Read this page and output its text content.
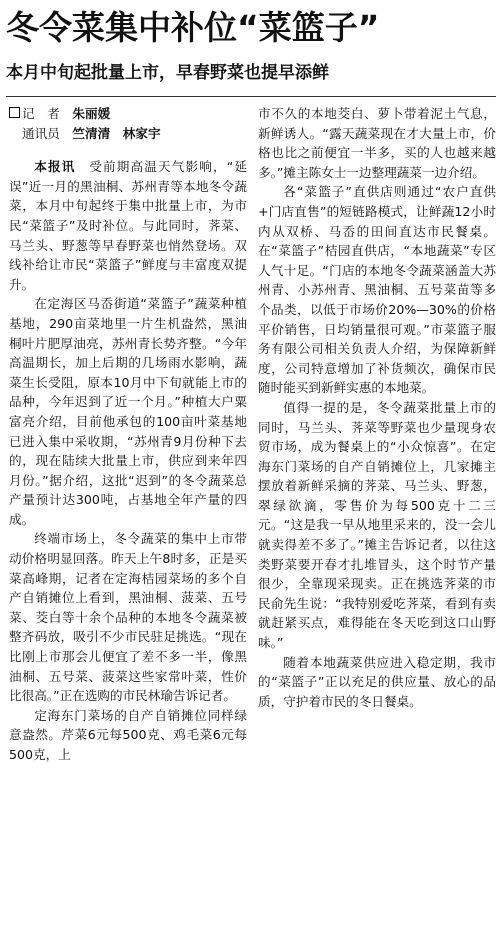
冬令菜集中补位“菜篮子”
本月中旬起批量上市，早春野菜也提早添鲜
记　者　 朱丽媛
通讯员　 竺清清　林家宇

本报讯　 受前期高温天气影响，“延误”近一月的黑油桐、苏州青等本地冬令蔬菜，本月中旬起终于集中批量上市，为市民“菜篮子”及时补位。与此同时，荠菜、马兰头、野葱等早春野菜也悄然登场。双线补给让市民“菜篮子”鲜度与丰富度双提升。

在定海区马岙街道“菜篮子”蔬菜种植基地，290亩菜地里一片生机盎然，黑油桐叶片肥厚油亮，苏州青长势齐整。“今年高温期长，加上后期的几场雨水影响，蔬菜生长受阻，原本10月中下旬就能上市的品种，今年迟到了近一个月。”种植大户粟富亮介绍，目前他承包的100亩叶菜基地已进入集中采收期，“苏州青9月份种下去的，现在陆续大批量上市，供应到来年四月份。”据介绍，这批“迟到”的冬令蔬菜总产量预计达300吨，占基地全年产量的四成。

终端市场上，冬令蔬菜的集中上市带动价格明显回落。昨天上午8时多，正是买菜高峰期，记者在定海桔园菜场的多个自产自销摊位上看到，黑油桐、菠菜、五号菜、茭白等十余个品种的本地冬令蔬菜被整齐码放，吸引不少市民驻足挑选。“现在比刚上市那会儿便宜了差不多一半，像黑油桐、五号菜、菠菜这些家常叶菜，性价比很高。”正在选购的市民林瑜告诉记者。

定海东门菜场的自产自销摊位同样绿意盎然。芹菜6元每500克、鸡毛菜6元每500克，上

市不久的本地茭白、萝卜带着泥土气息，新鲜诱人。“露天蔬菜现在才大量上市，价格也比之前便宜一半多，买的人也越来越多。”摊主陈女士一边整理蔬菜一边介绍。

各“菜篮子”直供店则通过“农户直供+门店直售”的短链路模式，让鲜蔬12小时内从双桥、马岙的田间直达市民餐桌。在“菜篮子”桔园直供店，“本地蔬菜”专区人气十足。“门店的本地冬令蔬菜涵盖大苏州青、小苏州青、黑油桐、五号菜苗等多个品类，以低于市场价20%—30%的价格平价销售，日均销量很可观。”市菜篮子服务有限公司相关负责人介绍，为保障新鲜度，公司特意增加了补货频次，确保市民随时能买到新鲜实惠的本地菜。

值得一提的是，冬令蔬菜批量上市的同时，马兰头、荠菜等野菜也少量现身农贸市场，成为餐桌上的“小众惊喜”。在定海东门菜场的自产自销摊位上，几家摊主摆放着新鲜采摘的荠菜、马兰头、野葱，翠绿欲滴，零售价为每500克十二三元。“这是我一早从地里采来的，没一会儿就卖得差不多了。”摊主告诉记者，以往这类野菜要开春才扎堆冒头，这个时节产量很少，全靠现采现卖。正在挑选荠菜的市民俞先生说：“我特别爱吃荠菜，看到有卖就赶紧买点，难得能在冬天吃到这口山野味。”

随着本地蔬菜供应进入稳定期，我市的“菜篮子”正以充足的供应量、放心的品质，守护着市民的冬日餐桌。
